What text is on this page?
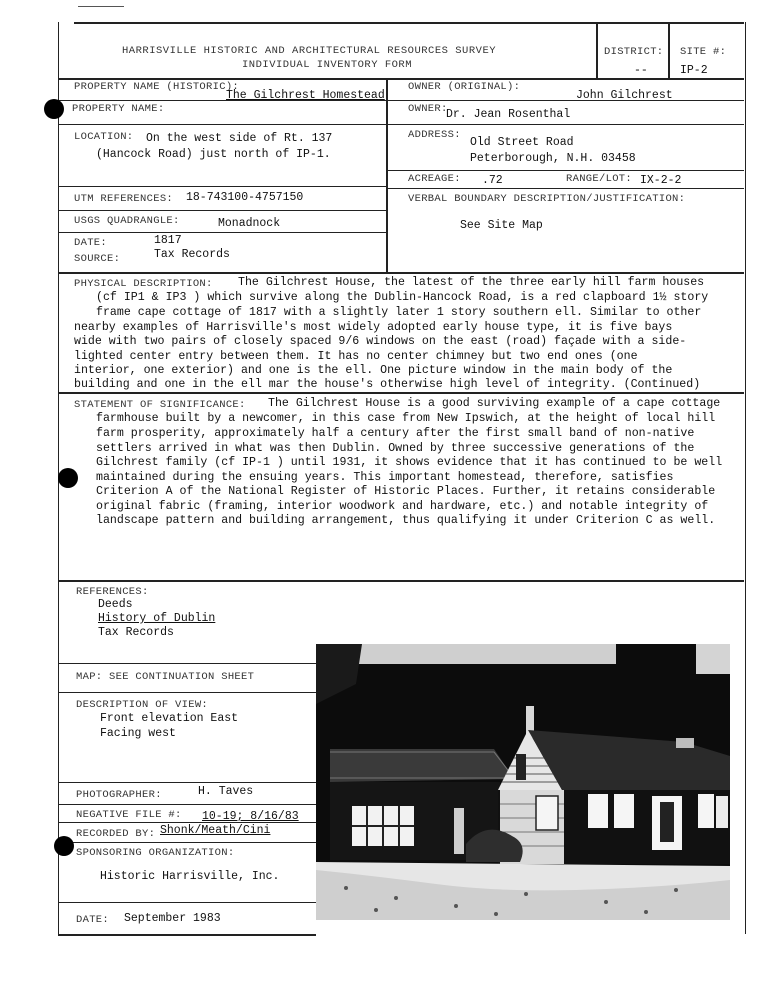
HARRISVILLE HISTORIC AND ARCHITECTURAL RESOURCES SURVEY
INDIVIDUAL INVENTORY FORM
DISTRICT:
--
SITE #:
IP-2
PROPERTY NAME (HISTORIC):
The Gilchrest Homestead
PROPERTY NAME:
OWNER (ORIGINAL):
John Gilchrest
OWNER:
Dr. Jean Rosenthal
LOCATION: On the west side of Rt. 137
(Hancock Road) just north of IP-1.
ADDRESS:
Old Street Road
Peterborough, N.H. 03458
ACREAGE: .72	RANGE/LOT: IX-2-2
UTM REFERENCES: 18-743100-4757150	VERBAL BOUNDARY DESCRIPTION/JUSTIFICATION:
See Site Map
USGS QUADRANGLE:	Monadnock
DATE:	1817
SOURCE:	Tax Records
PHYSICAL DESCRIPTION: The Gilchrest House, the latest of the three early hill farm houses
(cf IP1 & IP3 ) which survive along the Dublin-Hancock Road, is a red clapboard 1½ story
frame cape cottage of 1817 with a slightly later 1 story southern ell. Similar to other
nearby examples of Harrisville's most widely adopted early house type, it is five bays
wide with two pairs of closely spaced 9/6 windows on the east (road) façade with a side-
lighted center entry between them. It has no center chimney but two end ones (one
interior, one exterior) and one is the ell. One picture window in the main body of the
building and one in the ell mar the house's otherwise high level of integrity. (Continued)
STATEMENT OF SIGNIFICANCE: The Gilchrest House is a good surviving example of a cape cottage
farmhouse built by a newcomer, in this case from New Ipswich, at the height of local hill
farm prosperity, approximately half a century after the first small band of non-native
settlers arrived in what was then Dublin. Owned by three successive generations of the
Gilchrest family (cf IP-1 ) until 1931, it shows evidence that it has continued to be well
maintained during the ensuing years. This important homestead, therefore, satisfies
Criterion A of the National Register of Historic Places. Further, it retains considerable
original fabric (framing, interior woodwork and hardware, etc.) and notable integrity of
landscape pattern and building arrangement, thus qualifying it under Criterion C as well.
REFERENCES:
Deeds
History of Dublin
Tax Records
MAP: SEE CONTINUATION SHEET
DESCRIPTION OF VIEW:
Front elevation East
Facing west
PHOTOGRAPHER:	H. Taves
NEGATIVE FILE #: 10-19; 8/16/83
RECORDED BY: Shonk/Meath/Cini
SPONSORING ORGANIZATION:
Historic Harrisville, Inc.
DATE: September 1983
